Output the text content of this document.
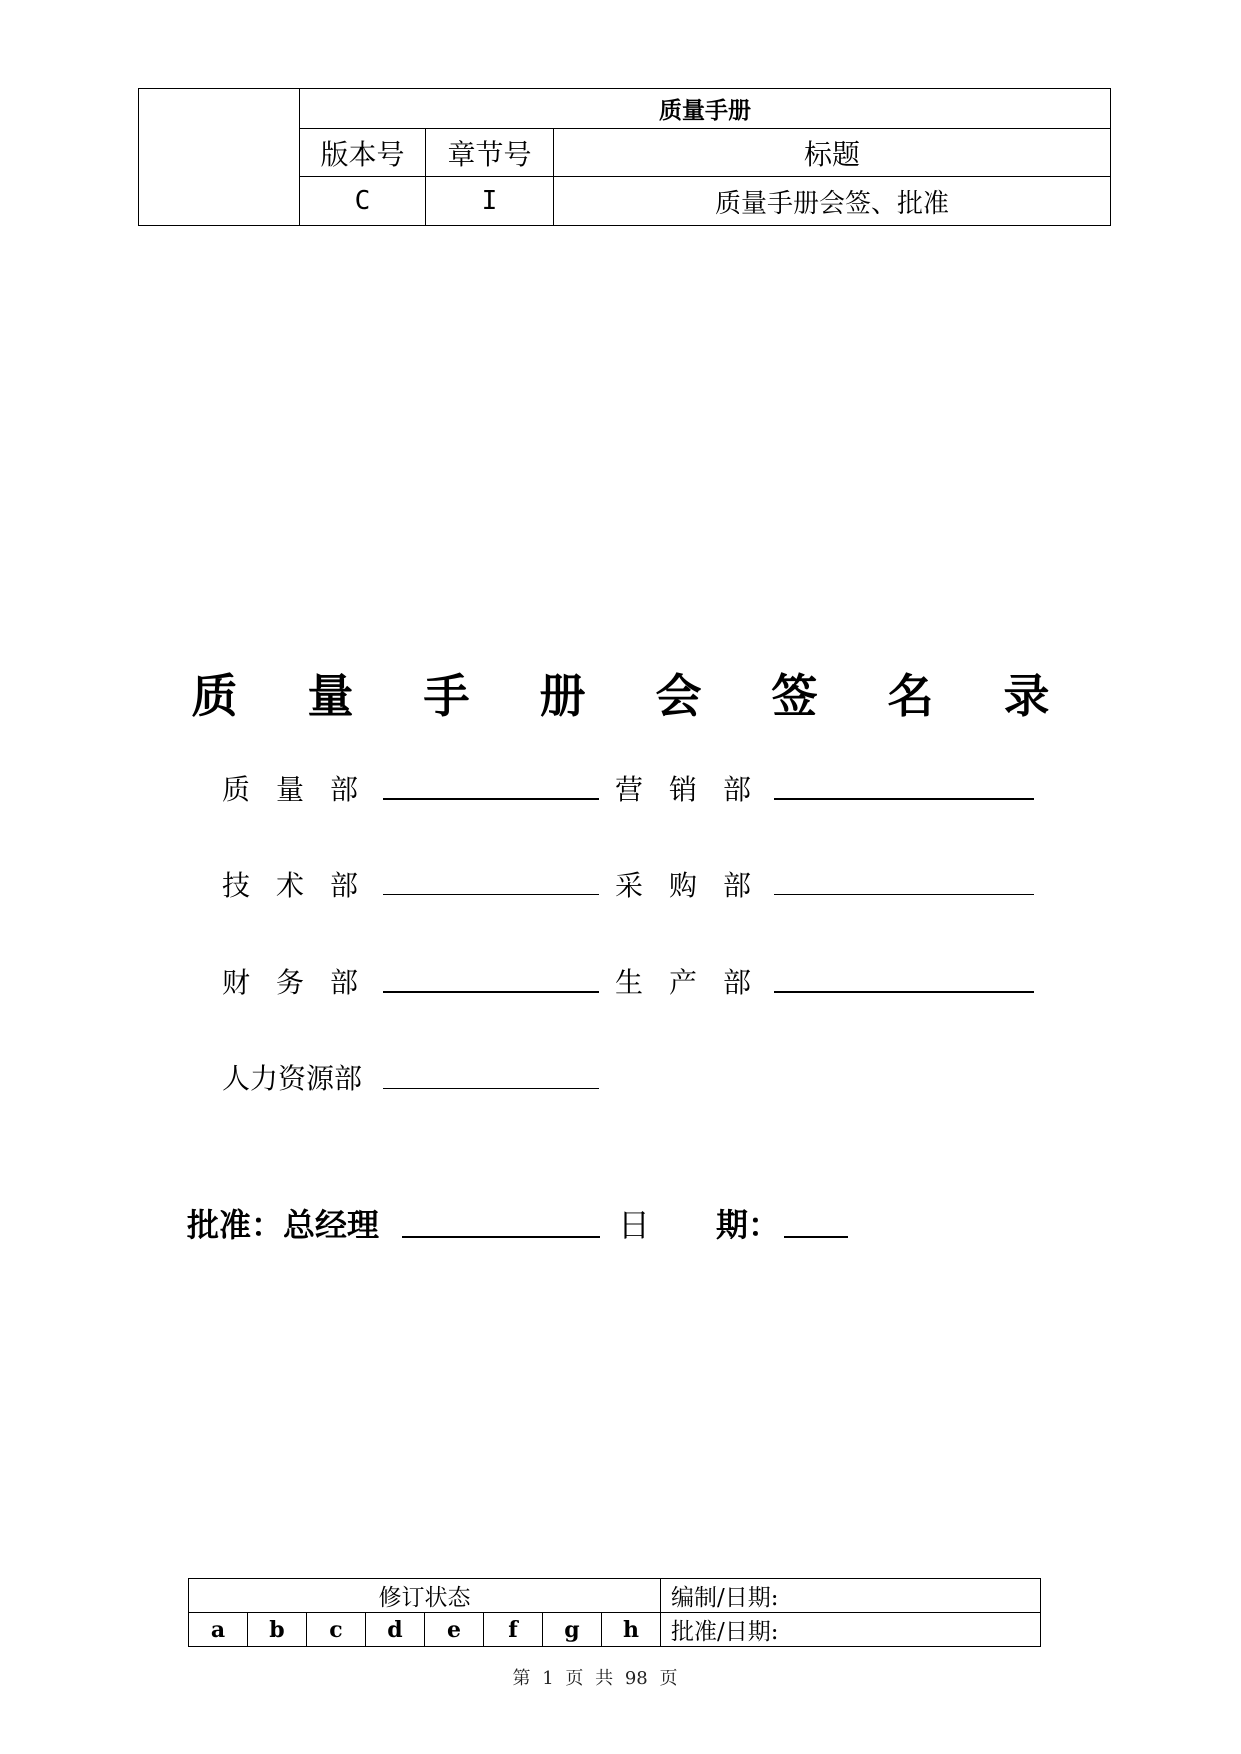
	质量手册		
	版本号	章节号	标题
	C	I	质量手册会签、批准
质 量 手 册 会 签 名 录
质量部	营销部
技术部	采购部
财务部	生产部
人力资源部
批准：总经理	日 期：
修订状态								编制/日期:
a	b	c	d	e	f	g	h	批准/日期:
第 1 页 共 98 页
